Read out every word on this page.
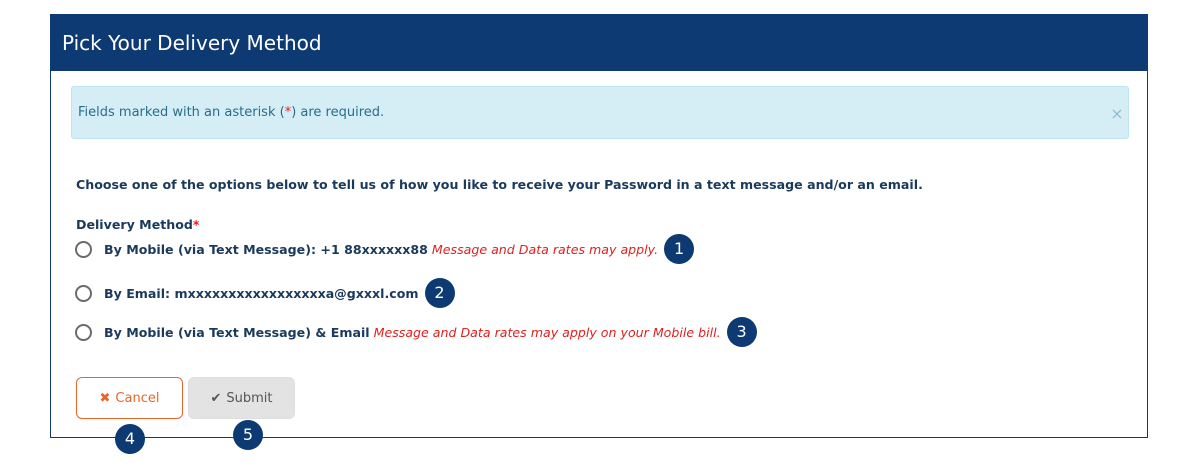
Pick Your Delivery Method
Fields marked with an asterisk (*) are required.	×
Choose one of the options below to tell us of how you like to receive your Password in a text message and/or an email.
Delivery Method*
By Mobile (via Text Message): +1 88xxxxxx88 Message and Data rates may apply. 1
By Email: mxxxxxxxxxxxxxxxxxa@gxxxl.com 2
By Mobile (via Text Message) & Email Message and Data rates may apply on your Mobile bill. 3
✖ Cancel	✔ Submit
4	5
